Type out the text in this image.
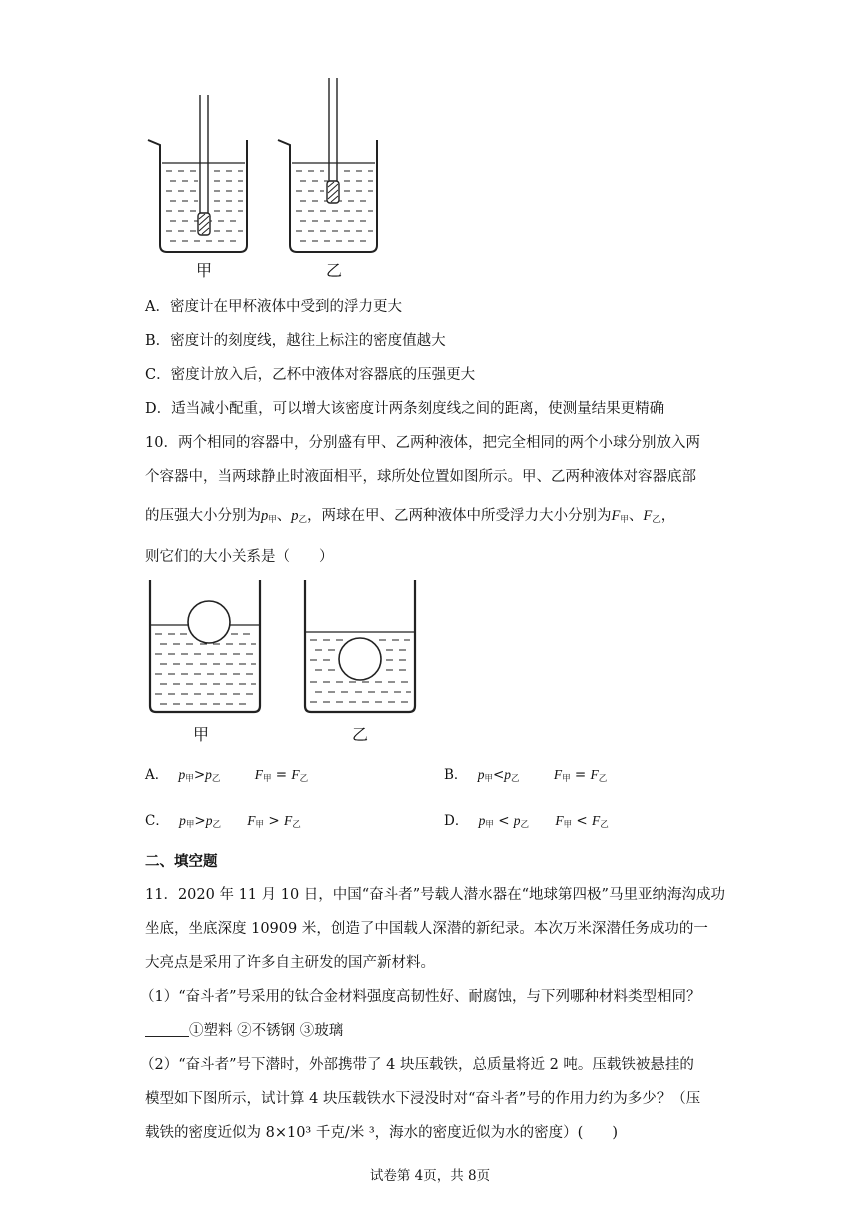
甲	乙
A．密度计在甲杯液体中受到的浮力更大
B．密度计的刻度线，越往上标注的密度值越大
C．密度计放入后，乙杯中液体对容器底的压强更大
D．适当减小配重，可以增大该密度计两条刻度线之间的距离，使测量结果更精确
10．两个相同的容器中，分别盛有甲、乙两种液体，把完全相同的两个小球分别放入两
个容器中，当两球静止时液面相平，球所处位置如图所示。甲、乙两种液体对容器底部
的压强大小分别为$p_甲$、$p_乙$，两球在甲、乙两种液体中所受浮力大小分别为$F_甲$、$F_乙$，
则它们的大小关系是（　　）
甲	乙
A． $p_甲>p_乙$	$F_甲 = F_乙$	B． $p_甲<p_乙$	$F_甲 = F_乙$
C． $p_甲>p_乙$ $F_甲 > F_乙$	D． $p_甲 < p_乙$ $F_甲 < F_乙$
二、填空题
11．2020 年 11 月 10 日，中国“奋斗者”号载人潜水器在“地球第四极”马里亚纳海沟成功
坐底，坐底深度 10909 米，创造了中国载人深潜的新纪录。本次万米深潜任务成功的一
大亮点是采用了许多自主研发的国产新材料。
（1）“奋斗者”号采用的钛合金材料强度高韧性好、耐腐蚀，与下列哪种材料类型相同？
①塑料 ②不锈钢 ③玻璃
（2）“奋斗者”号下潜时，外部携带了 4 块压载铁，总质量将近 2 吨。压载铁被悬挂的
模型如下图所示，试计算 4 块压载铁水下浸没时对“奋斗者”号的作用力约为多少？（压
载铁的密度近似为 8×10³ 千克/米 ³，海水的密度近似为水的密度）(　　)
试卷第 4页，共 8页
